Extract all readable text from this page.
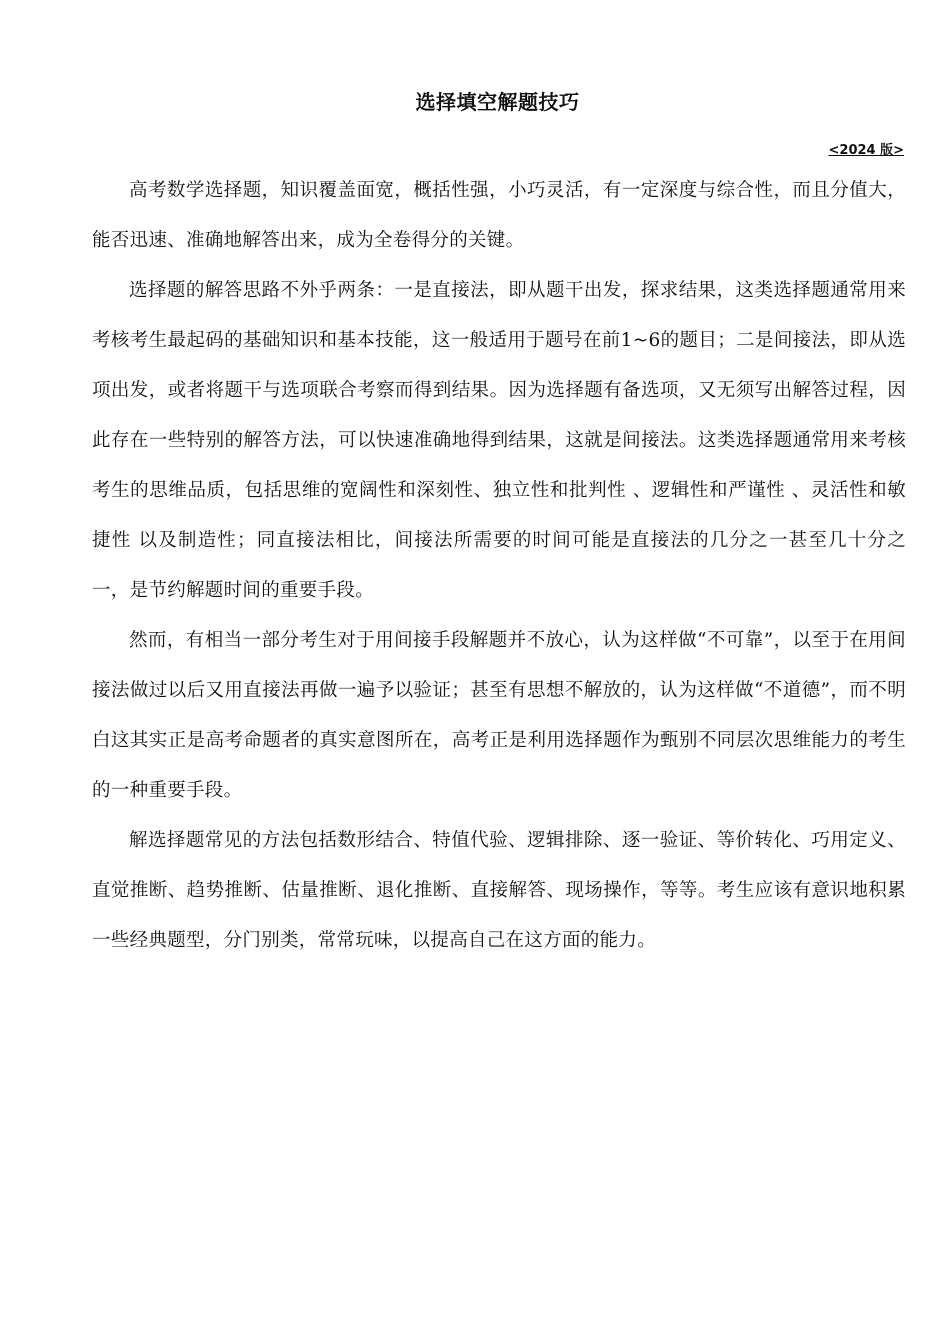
选择填空解题技巧
<2024 版>

高考数学选择题，知识覆盖面宽，概括性强，小巧灵活，有一定深度与综合性，而且分值大，能否迅速、准确地解答出来，成为全卷得分的关键。

选择题的解答思路不外乎两条：一是直接法，即从题干出发，探求结果，这类选择题通常用来考核考生最起码的基础知识和基本技能，这一般适用于题号在前1~6的题目；二是间接法，即从选项出发，或者将题干与选项联合考察而得到结果。因为选择题有备选项，又无须写出解答过程，因此存在一些特别的解答方法，可以快速准确地得到结果，这就是间接法。这类选择题通常用来考核考生的思维品质，包括思维的宽阔性和深刻性、独立性和批判性 、逻辑性和严谨性 、灵活性和敏捷性 以及制造性；同直接法相比，间接法所需要的时间可能是直接法的几分之一甚至几十分之一，是节约解题时间的重要手段。

然而，有相当一部分考生对于用间接手段解题并不放心，认为这样做“不可靠”，以至于在用间接法做过以后又用直接法再做一遍予以验证；甚至有思想不解放的，认为这样做“不道德”，而不明白这其实正是高考命题者的真实意图所在，高考正是利用选择题作为甄别不同层次思维能力的考生的一种重要手段。

解选择题常见的方法包括数形结合、特值代验、逻辑排除、逐一验证、等价转化、巧用定义、直觉推断、趋势推断、估量推断、退化推断、直接解答、现场操作，等等。考生应该有意识地积累一些经典题型，分门别类，常常玩味，以提高自己在这方面的能力。
